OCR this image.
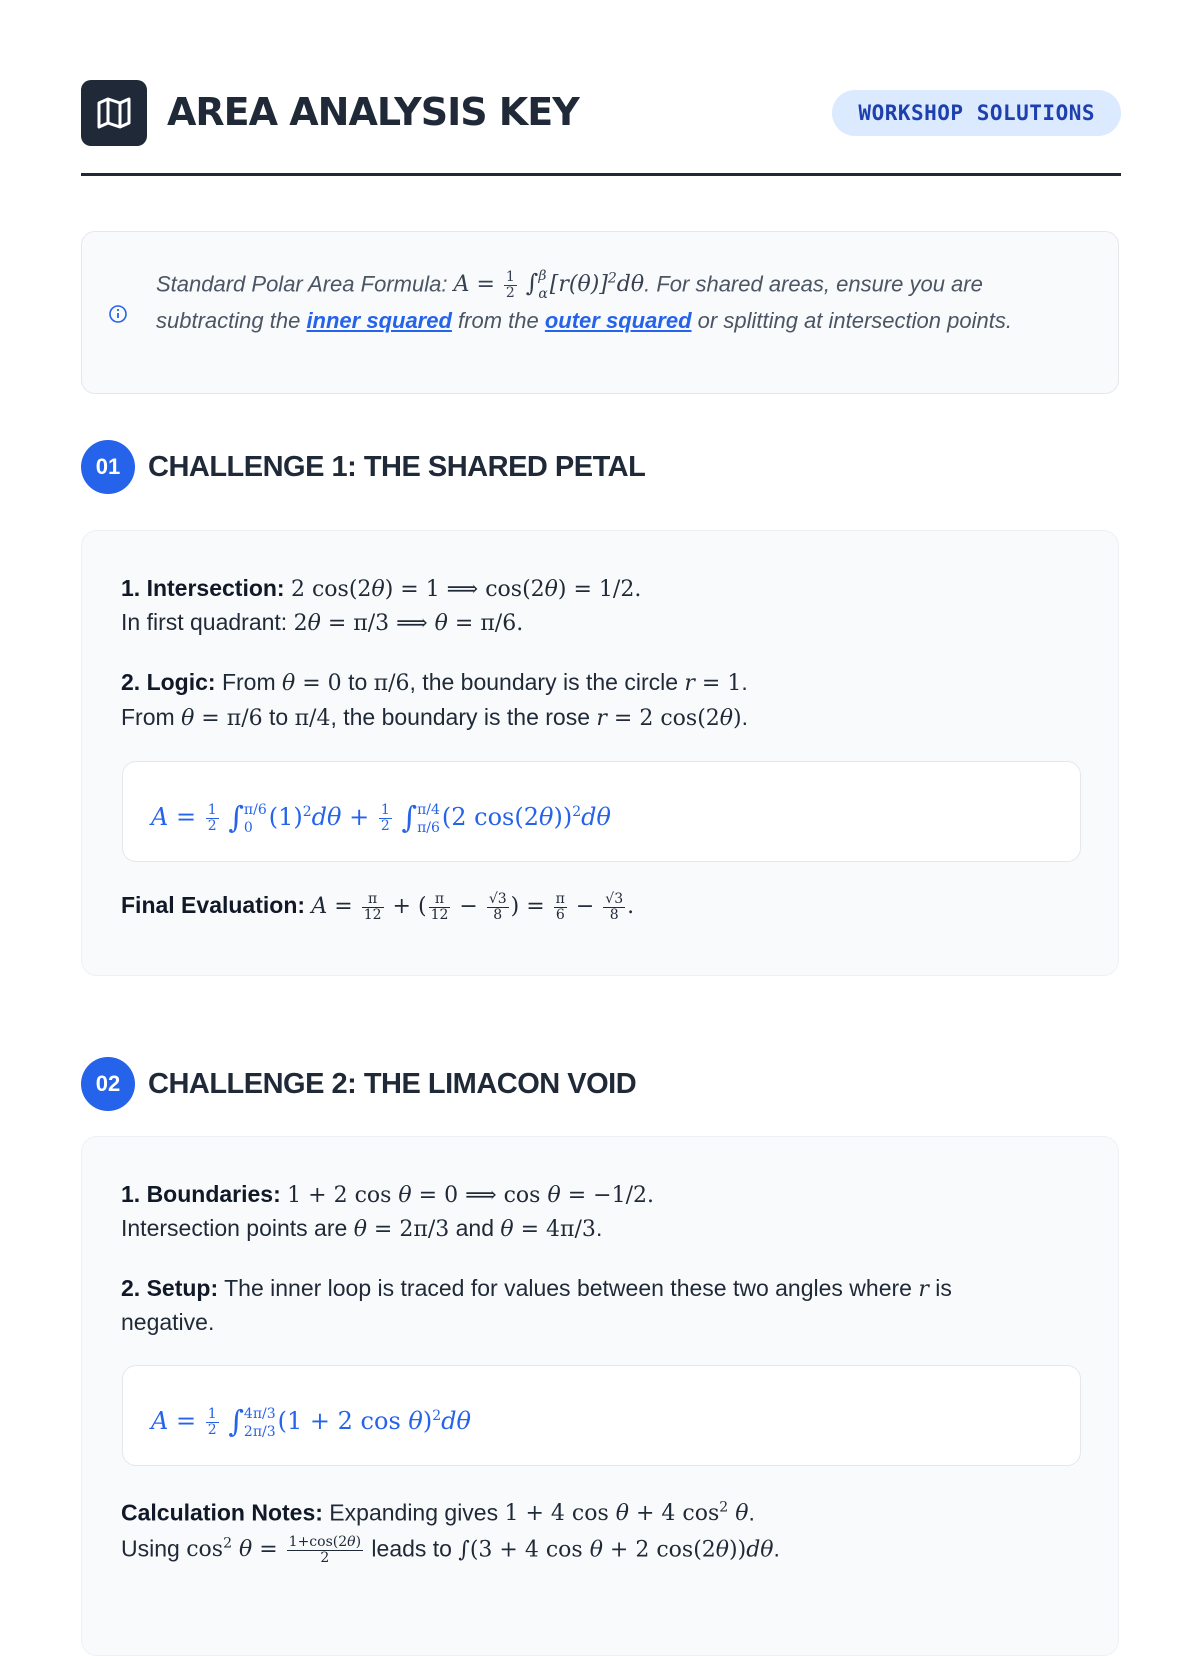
AREA ANALYSIS KEY	WORKSHOP SOLUTIONS
Standard Polar Area Formula: $A = \frac{1}{2}$ ∫ β
α $[r(\theta)]^2d\theta$. For shared areas, ensure you are subtracting the inner squared from the outer squared or splitting at intersection points.
01 CHALLENGE 1: THE SHARED PETAL
1. Intersection: 2 cos(2θ) = 1 ⟹ cos(2θ) = 1/2.
In first quadrant: 2θ = π/3 ⟹ θ = π/6.
2. Logic: From θ = 0 to π/6, the boundary is the circle r = 1.
From θ = π/6 to π/4, the boundary is the rose r = 2 cos(2θ).
$A = \frac{1}{2}$ ∫ π/6
0 $(1)^2d\theta + \frac{1}{2}$ ∫ π/4
π/6 (2 cos(2θ))$^2$dθ
Final Evaluation: $A = \frac{\pi}{12}$ + ( $\frac{\pi}{12} - \frac{√3}{8}$ ) = $\frac{\pi}{6} - \frac{√3}{8}$ .
02 CHALLENGE 2: THE LIMACON VOID
1. Boundaries: 1 + 2 cos θ = 0 ⟹ cos θ = −1/2.
Intersection points are θ = 2π/3 and θ = 4π/3.
2. Setup: The inner loop is traced for values between these two angles where r is
negative.
$A = \frac{1}{2}$ ∫ 4π/3
2π/3 (1 + 2 cos θ)$^2$dθ
Calculation Notes: Expanding gives 1 + 4 cos θ + 4 $\cos^2 \theta$.
Using $\cos^2 \theta = \frac{1+\cos(2\theta)}{2}$ leads to ∫(3 + 4 cos θ + 2 cos(2θ))dθ.
